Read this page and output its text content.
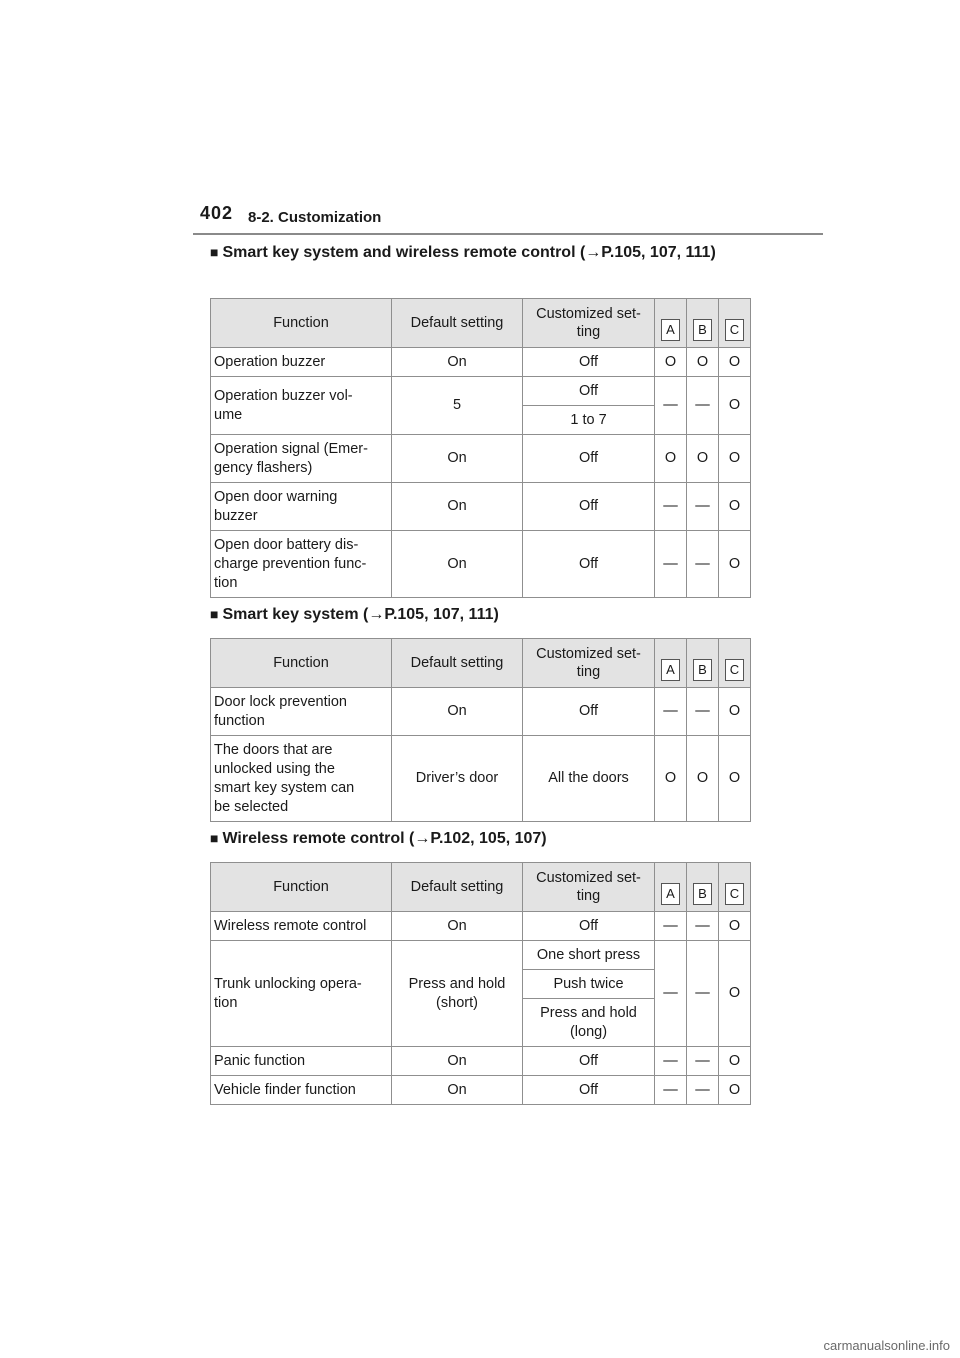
402 8-2. Customization
■ Smart key system and wireless remote control (→P.105, 107, 111)
Function	Default setting	Customized set-
ting	A	B	C
Operation buzzer	On	Off	O	O	O
Operation buzzer vol-
ume	5	Off	—	—	O
		1 to 7			
Operation signal (Emer-
gency flashers)	On	Off	O	O	O
Open door warning
buzzer	On	Off	—	—	O
Open door battery dis-
charge prevention func-
tion	On	Off	—	—	O
■ Smart key system (→P.105, 107, 111)
Function	Default setting	Customized set-
ting	A	B	C
Door lock prevention
function	On	Off	—	—	O
The doors that are
unlocked using the
smart key system can
be selected	Driver’s door	All the doors	O	O	O
■ Wireless remote control (→P.102, 105, 107)
Function	Default setting	Customized set-
ting	A	B	C
Wireless remote control	On	Off	—	—	O
Trunk unlocking opera-
tion	Press and hold
(short)	One short press	—	—	O
		Push twice			
		Press and hold
(long)			
Panic function	On	Off	—	—	O
Vehicle finder function	On	Off	—	—	O
carmanualsonline.info
